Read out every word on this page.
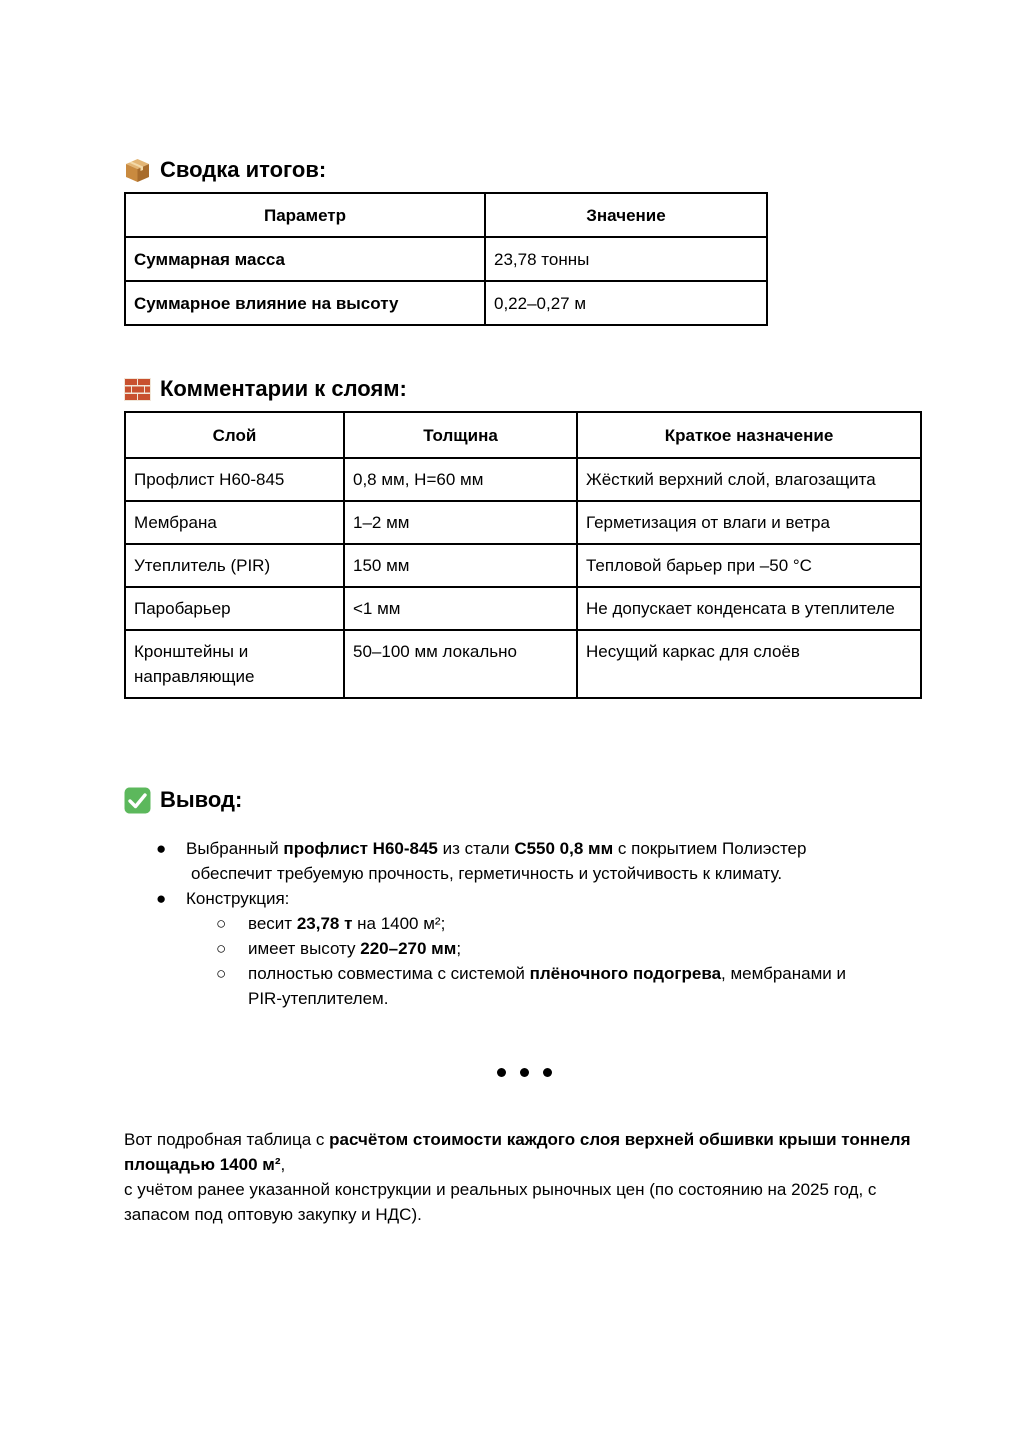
Сводка итогов:
Параметр	Значение
Суммарная масса	23,78 тонны
Суммарное влияние на высоту	0,22–0,27 м
Комментарии к слоям:
Слой	Толщина	Краткое назначение
Профлист Н60-845	0,8 мм, H=60 мм	Жёсткий верхний слой, влагозащита
Мембрана	1–2 мм	Герметизация от влаги и ветра
Утеплитель (PIR)	150 мм	Тепловой барьер при –50 °C
Паробарьер	<1 мм	Не допускает конденсата в утеплителе
Кронштейны и направляющие	50–100 мм локально	Несущий каркас для слоёв
Вывод:
● Выбранный профлист Н60-845 из стали С550 0,8 мм с покрытием Полиэстер
обеспечит требуемую прочность, герметичность и устойчивость к климату.
● Конструкция:
○ весит 23,78 т на 1400 м²;
○ имеет высоту 220–270 мм;
○ полностью совместима с системой плёночного подогрева, мембранами и
PIR-утеплителем.
Вот подробная таблица с расчётом стоимости каждого слоя верхней обшивки крыши тоннеля площадью 1400 м²,
с учётом ранее указанной конструкции и реальных рыночных цен (по состоянию на 2025 год, с запасом под оптовую закупку и НДС).
